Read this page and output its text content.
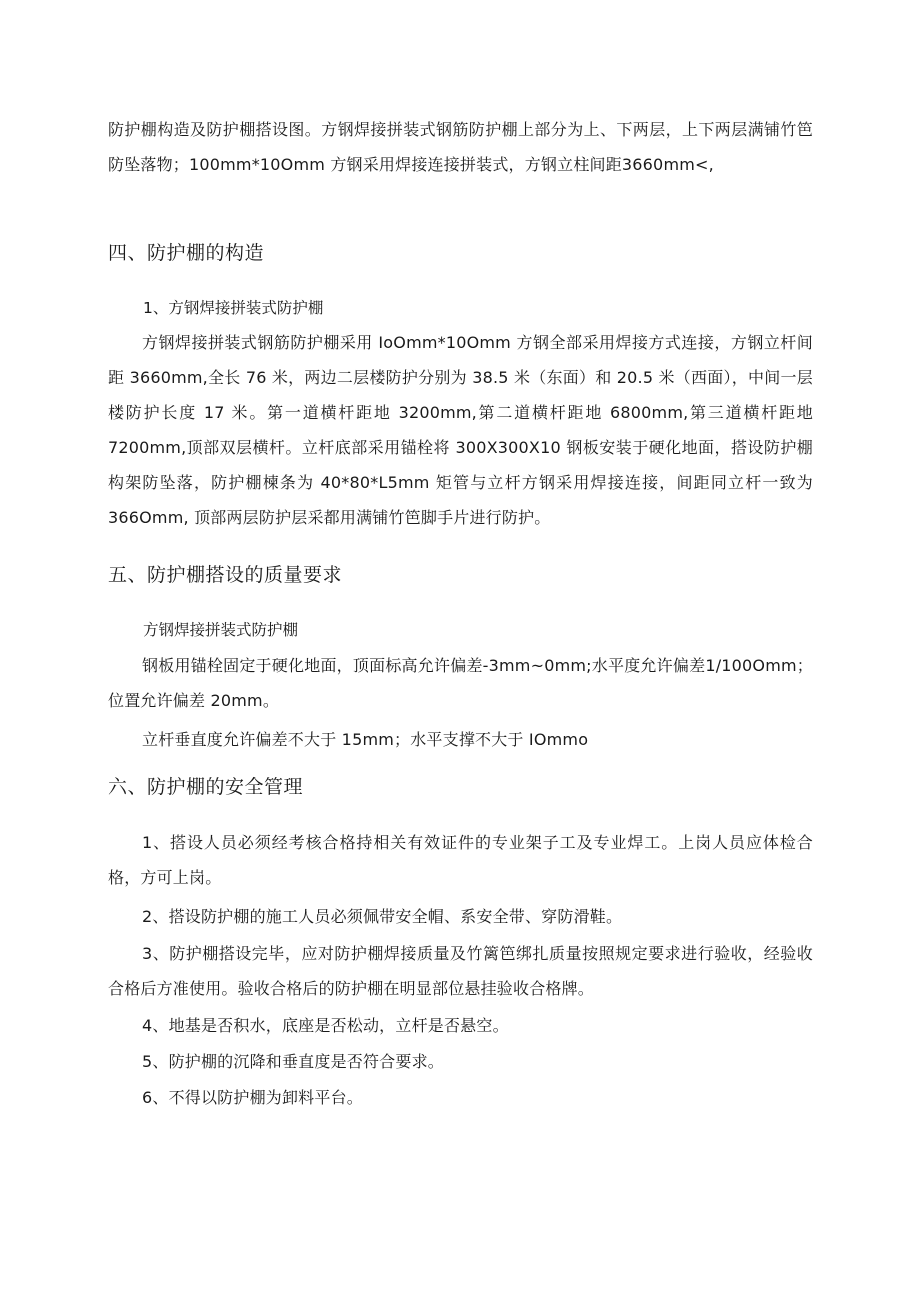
防护棚构造及防护棚搭设图。方钢焊接拼装式钢筋防护棚上部分为上、下两层，上下两层满铺竹笆防坠落物；100mm*10Omm 方钢采用焊接连接拼装式，方钢立柱间距3660mm<,

四、防护棚的构造

1、方钢焊接拼装式防护棚

方钢焊接拼装式钢筋防护棚采用 IoOmm*10Omm 方钢全部采用焊接方式连接，方钢立杆间距 3660mm,全长 76 米，两边二层楼防护分别为 38.5 米（东面）和 20.5 米（西面），中间一层楼防护长度 17 米。第一道横杆距地 3200mm,第二道横杆距地 6800mm,第三道横杆距地 7200mm,顶部双层横杆。立杆底部采用锚栓将 300X300X10 钢板安装于硬化地面，搭设防护棚构架防坠落，防护棚楝条为 40*80*L5mm 矩管与立杆方钢采用焊接连接，间距同立杆一致为 366Omm, 顶部两层防护层采都用满铺竹笆脚手片进行防护。

五、防护棚搭设的质量要求

方钢焊接拼装式防护棚

钢板用锚栓固定于硬化地面，顶面标高允许偏差-3mm~0mm;水平度允许偏差1/100Omm；位置允许偏差 20mm。

立杆垂直度允许偏差不大于 15mm；水平支撑不大于 IOmmo

六、防护棚的安全管理

1、搭设人员必须经考核合格持相关有效证件的专业架子工及专业焊工。上岗人员应体检合格，方可上岗。

2、搭设防护棚的施工人员必须佩带安全帽、系安全带、穿防滑鞋。

3、防护棚搭设完毕，应对防护棚焊接质量及竹篱笆绑扎质量按照规定要求进行验收，经验收合格后方准使用。验收合格后的防护棚在明显部位悬挂验收合格牌。

4、地基是否积水，底座是否松动，立杆是否悬空。

5、防护棚的沉降和垂直度是否符合要求。

6、不得以防护棚为卸料平台。
